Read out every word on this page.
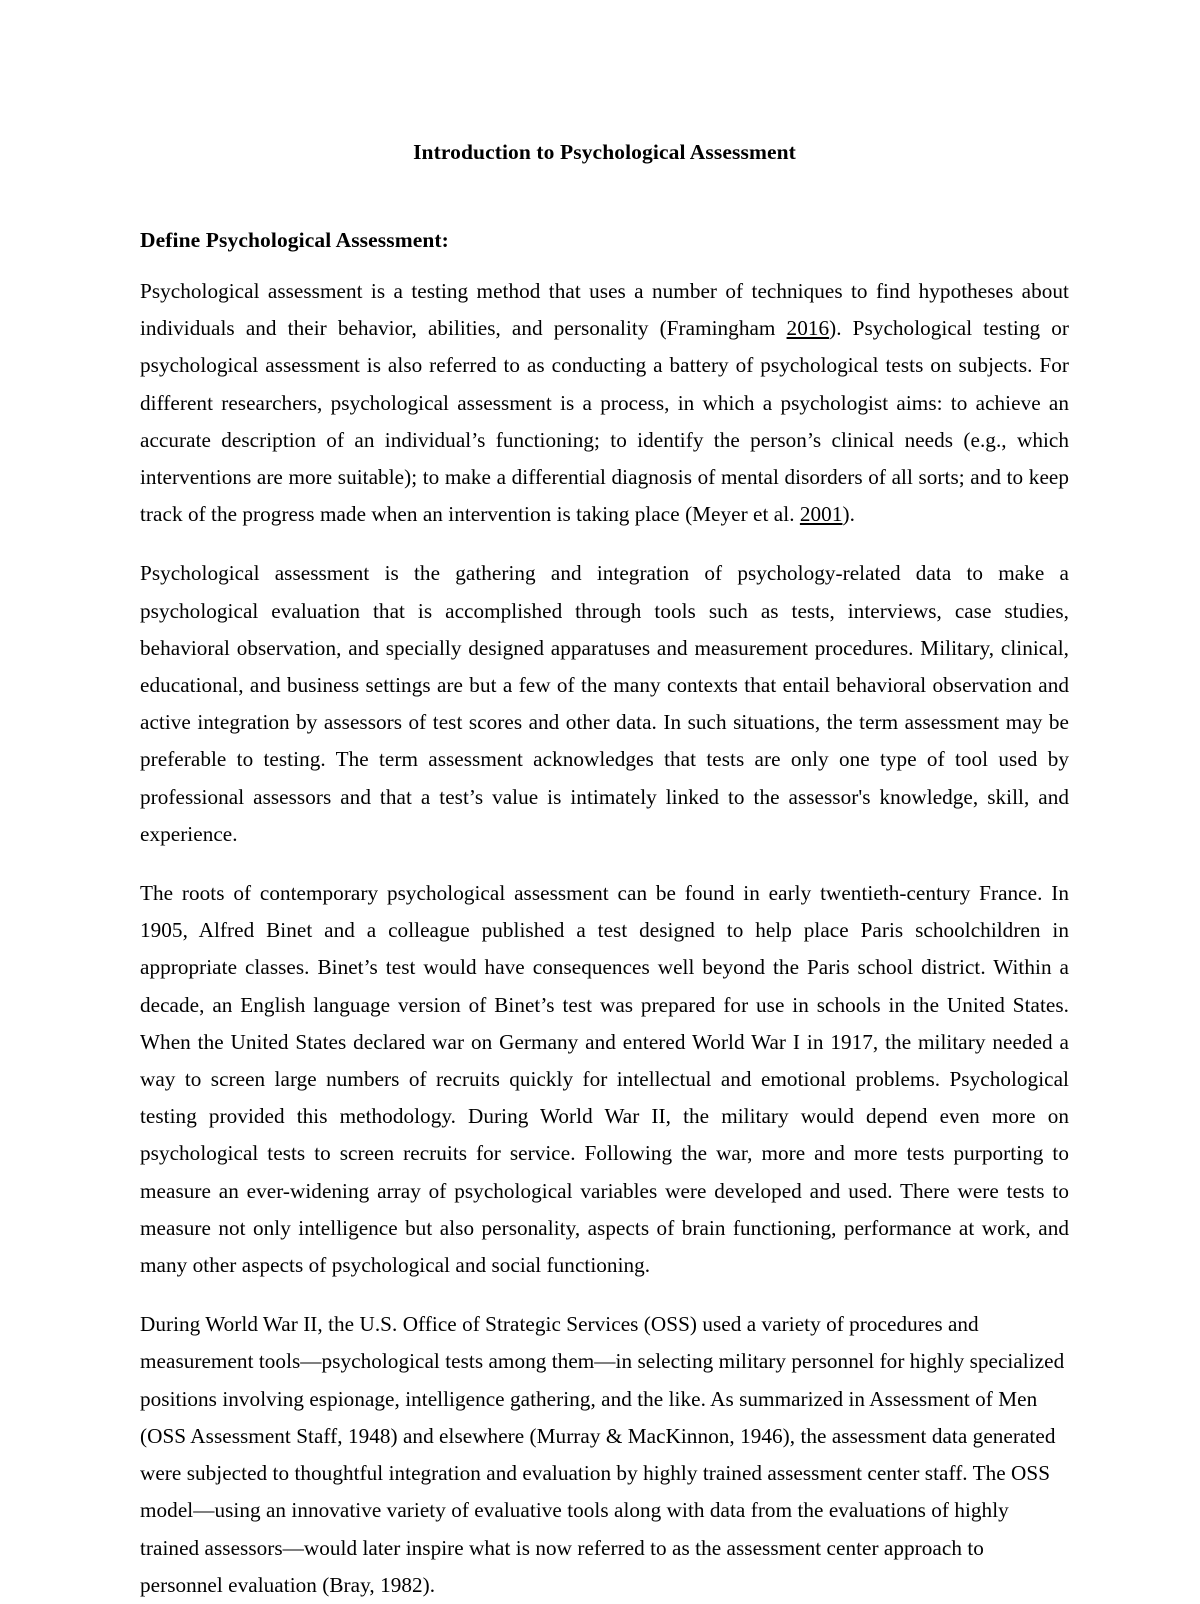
Introduction to Psychological Assessment
Define Psychological Assessment:

Psychological assessment is a testing method that uses a number of techniques to find hypotheses about individuals and their behavior, abilities, and personality (Framingham 2016). Psychological testing or psychological assessment is also referred to as conducting a battery of psychological tests on subjects. For different researchers, psychological assessment is a process, in which a psychologist aims: to achieve an accurate description of an individual’s functioning; to identify the person’s clinical needs (e.g., which interventions are more suitable); to make a differential diagnosis of mental disorders of all sorts; and to keep track of the progress made when an intervention is taking place (Meyer et al. 2001).

Psychological assessment is the gathering and integration of psychology-related data to make a psychological evaluation that is accomplished through tools such as tests, interviews, case studies, behavioral observation, and specially designed apparatuses and measurement procedures. Military, clinical, educational, and business settings are but a few of the many contexts that entail behavioral observation and active integration by assessors of test scores and other data. In such situations, the term assessment may be preferable to testing. The term assessment acknowledges that tests are only one type of tool used by professional assessors and that a test’s value is intimately linked to the assessor's knowledge, skill, and experience.

The roots of contemporary psychological assessment can be found in early twentieth-century France. In 1905, Alfred Binet and a colleague published a test designed to help place Paris schoolchildren in appropriate classes. Binet’s test would have consequences well beyond the Paris school district. Within a decade, an English language version of Binet’s test was prepared for use in schools in the United States. When the United States declared war on Germany and entered World War I in 1917, the military needed a way to screen large numbers of recruits quickly for intellectual and emotional problems. Psychological testing provided this methodology. During World War II, the military would depend even more on psychological tests to screen recruits for service. Following the war, more and more tests purporting to measure an ever-widening array of psychological variables were developed and used. There were tests to measure not only intelligence but also personality, aspects of brain functioning, performance at work, and many other aspects of psychological and social functioning.

During World War II, the U.S. Office of Strategic Services (OSS) used a variety of procedures and measurement tools—psychological tests among them—in selecting military personnel for highly specialized positions involving espionage, intelligence gathering, and the like. As summarized in Assessment of Men (OSS Assessment Staff, 1948) and elsewhere (Murray & MacKinnon, 1946), the assessment data generated were subjected to thoughtful integration and evaluation by highly trained assessment center staff. The OSS model—using an innovative variety of evaluative tools along with data from the evaluations of highly trained assessors—would later inspire what is now referred to as the assessment center approach to personnel evaluation (Bray, 1982).
